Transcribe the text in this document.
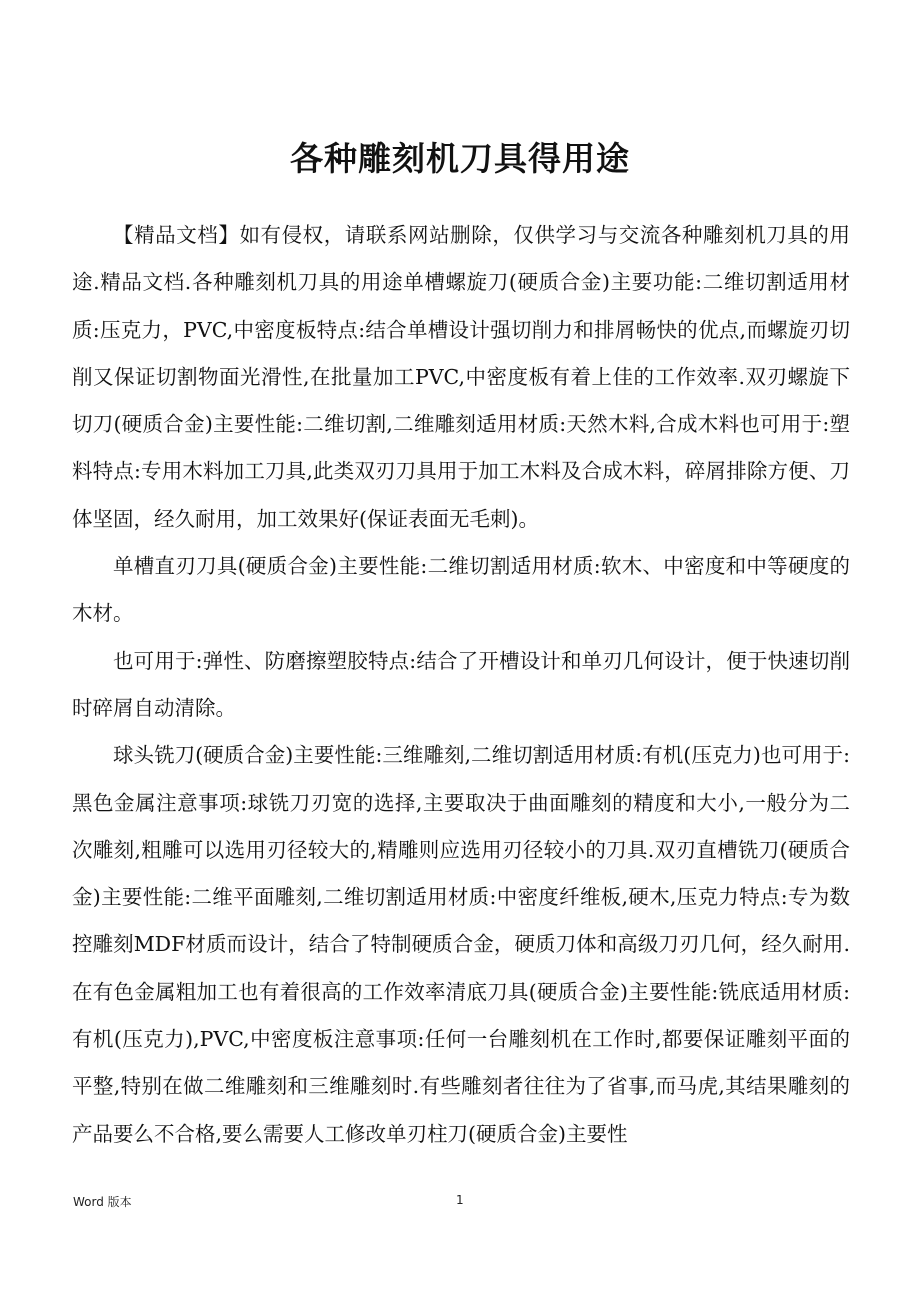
各种雕刻机刀具得用途

【精品文档】如有侵权，请联系网站删除，仅供学习与交流各种雕刻机刀具的用途.精品文档.各种雕刻机刀具的用途单槽螺旋刀(硬质合金)主要功能:二维切割适用材质:压克力，PVC,中密度板特点:结合单槽设计强切削力和排屑畅快的优点,而螺旋刃切削又保证切割物面光滑性,在批量加工PVC,中密度板有着上佳的工作效率.双刃螺旋下切刀(硬质合金)主要性能:二维切割,二维雕刻适用材质:天然木料,合成木料也可用于:塑料特点:专用木料加工刀具,此类双刃刀具用于加工木料及合成木料，碎屑排除方便、刀体坚固，经久耐用，加工效果好(保证表面无毛刺)。

单槽直刃刀具(硬质合金)主要性能:二维切割适用材质:软木、中密度和中等硬度的木材。

也可用于:弹性、防磨擦塑胶特点:结合了开槽设计和单刃几何设计，便于快速切削时碎屑自动清除。

球头铣刀(硬质合金)主要性能:三维雕刻,二维切割适用材质:有机(压克力)也可用于:黑色金属注意事项:球铣刀刃宽的选择,主要取决于曲面雕刻的精度和大小,一般分为二次雕刻,粗雕可以选用刃径较大的,精雕则应选用刃径较小的刀具.双刃直槽铣刀(硬质合金)主要性能:二维平面雕刻,二维切割适用材质:中密度纤维板,硬木,压克力特点:专为数控雕刻MDF材质而设计，结合了特制硬质合金，硬质刀体和高级刀刃几何，经久耐用.在有色金属粗加工也有着很高的工作效率清底刀具(硬质合金)主要性能:铣底适用材质:有机(压克力),PVC,中密度板注意事项:任何一台雕刻机在工作时,都要保证雕刻平面的平整,特别在做二维雕刻和三维雕刻时.有些雕刻者往往为了省事,而马虎,其结果雕刻的产品要么不合格,要么需要人工修改单刃柱刀(硬质合金)主要性

Word 版本	1
